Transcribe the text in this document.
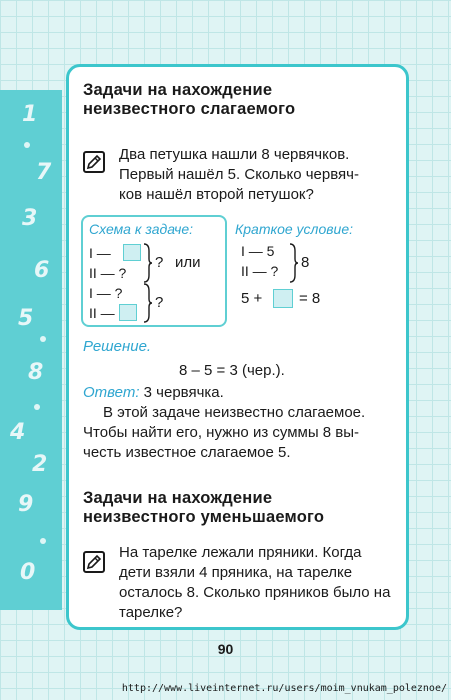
1
7
3
6
5
8
4
2
9
0
Задачи на нахождение
неизвестного слагаемого
Два петушка нашли 8 червячков.
Первый нашёл 5. Сколько червяч-
ков нашёл второй петушок?
Схема к задаче:
I —
II — ?
? или
I — ?
II —
?
Краткое условие:
I — 5
II — ? 8
5 + = 8
Решение.
8 – 5 = 3 (чер.).
Ответ: 3 червячка.
В этой задаче неизвестно слагаемое.
Чтобы найти его, нужно из суммы 8 вы-
честь известное слагаемое 5.
Задачи на нахождение
неизвестного уменьшаемого
На тарелке лежали пряники. Когда
дети взяли 4 пряника, на тарелке
осталось 8. Сколько пряников было на
тарелке?
90
http://www.liveinternet.ru/users/moim_vnukam_poleznoe/
